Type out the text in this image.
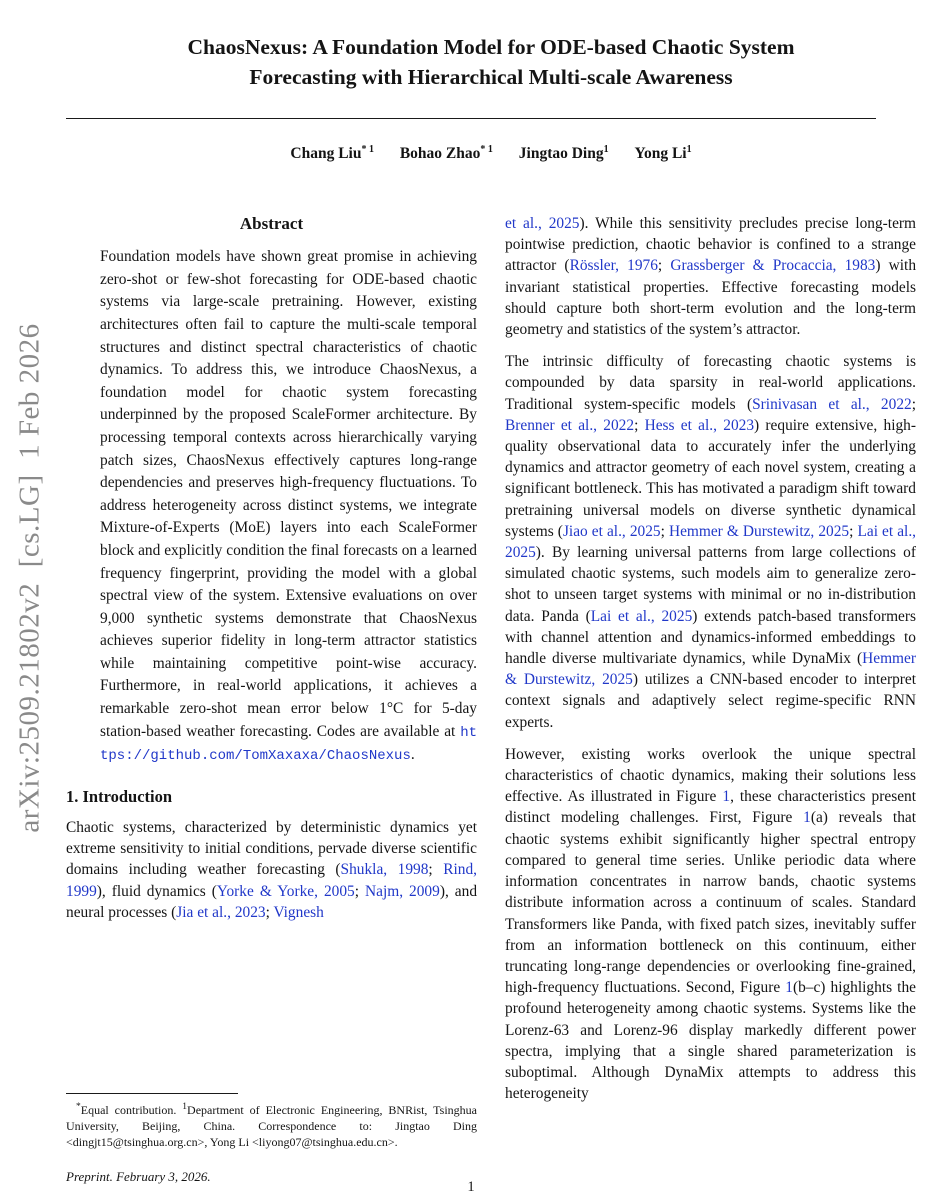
arXiv:2509.21802v2  [cs.LG]  1 Feb 2026
ChaosNexus: A Foundation Model for ODE-based Chaotic System
Forecasting with Hierarchical Multi-scale Awareness
Chang Liu$^{* 1}$ Bohao Zhao$^{* 1}$ Jingtao Ding$^1$ Yong Li$^1$
Abstract

Foundation models have shown great promise in achieving zero-shot or few-shot forecasting for ODE-based chaotic systems via large-scale pretraining. However, existing architectures often fail to capture the multi-scale temporal structures and distinct spectral characteristics of chaotic dynamics. To address this, we introduce ChaosNexus, a foundation model for chaotic system forecasting underpinned by the proposed ScaleFormer architecture. By processing temporal contexts across hierarchically varying patch sizes, ChaosNexus effectively captures long-range dependencies and preserves high-frequency fluctuations. To address heterogeneity across distinct systems, we integrate Mixture-of-Experts (MoE) layers into each ScaleFormer block and explicitly condition the final forecasts on a learned frequency fingerprint, providing the model with a global spectral view of the system. Extensive evaluations on over 9,000 synthetic systems demonstrate that ChaosNexus achieves superior fidelity in long-term attractor statistics while maintaining competitive point-wise accuracy. Furthermore, in real-world applications, it achieves a remarkable zero-shot mean error below 1°C for 5-day station-based weather forecasting. Codes are available at https://github.com/TomXaxaxa/ChaosNexus.

1. Introduction

Chaotic systems, characterized by deterministic dynamics yet extreme sensitivity to initial conditions, pervade diverse scientific domains including weather forecasting (Shukla, 1998; Rind, 1999), fluid dynamics (Yorke & Yorke, 2005; Najm, 2009), and neural processes (Jia et al., 2023; Vignesh

*Equal contribution. $^1$Department of Electronic Engineering, BNRist, Tsinghua University, Beijing, China. Correspondence to: Jingtao Ding <dingjt15@tsinghua.org.cn>, Yong Li <liyong07@tsinghua.edu.cn>.

Preprint. February 3, 2026.

et al., 2025). While this sensitivity precludes precise long-term pointwise prediction, chaotic behavior is confined to a strange attractor (Rössler, 1976; Grassberger & Procaccia, 1983) with invariant statistical properties. Effective forecasting models should capture both short-term evolution and the long-term geometry and statistics of the system’s attractor.

The intrinsic difficulty of forecasting chaotic systems is compounded by data sparsity in real-world applications. Traditional system-specific models (Srinivasan et al., 2022; Brenner et al., 2022; Hess et al., 2023) require extensive, high-quality observational data to accurately infer the underlying dynamics and attractor geometry of each novel system, creating a significant bottleneck. This has motivated a paradigm shift toward pretraining universal models on diverse synthetic dynamical systems (Jiao et al., 2025; Hemmer & Durstewitz, 2025; Lai et al., 2025). By learning universal patterns from large collections of simulated chaotic systems, such models aim to generalize zero-shot to unseen target systems with minimal or no in-distribution data. Panda (Lai et al., 2025) extends patch-based transformers with channel attention and dynamics-informed embeddings to handle diverse multivariate dynamics, while DynaMix (Hemmer & Durstewitz, 2025) utilizes a CNN-based encoder to interpret context signals and adaptively select regime-specific RNN experts.

However, existing works overlook the unique spectral characteristics of chaotic dynamics, making their solutions less effective. As illustrated in Figure 1, these characteristics present distinct modeling challenges. First, Figure 1(a) reveals that chaotic systems exhibit significantly higher spectral entropy compared to general time series. Unlike periodic data where information concentrates in narrow bands, chaotic systems distribute information across a continuum of scales. Standard Transformers like Panda, with fixed patch sizes, inevitably suffer from an information bottleneck on this continuum, either truncating long-range dependencies or overlooking fine-grained, high-frequency fluctuations. Second, Figure 1(b–c) highlights the profound heterogeneity among chaotic systems. Systems like the Lorenz-63 and Lorenz-96 display markedly different power spectra, implying that a single shared parameterization is suboptimal. Although DynaMix attempts to address this heterogeneity

1
